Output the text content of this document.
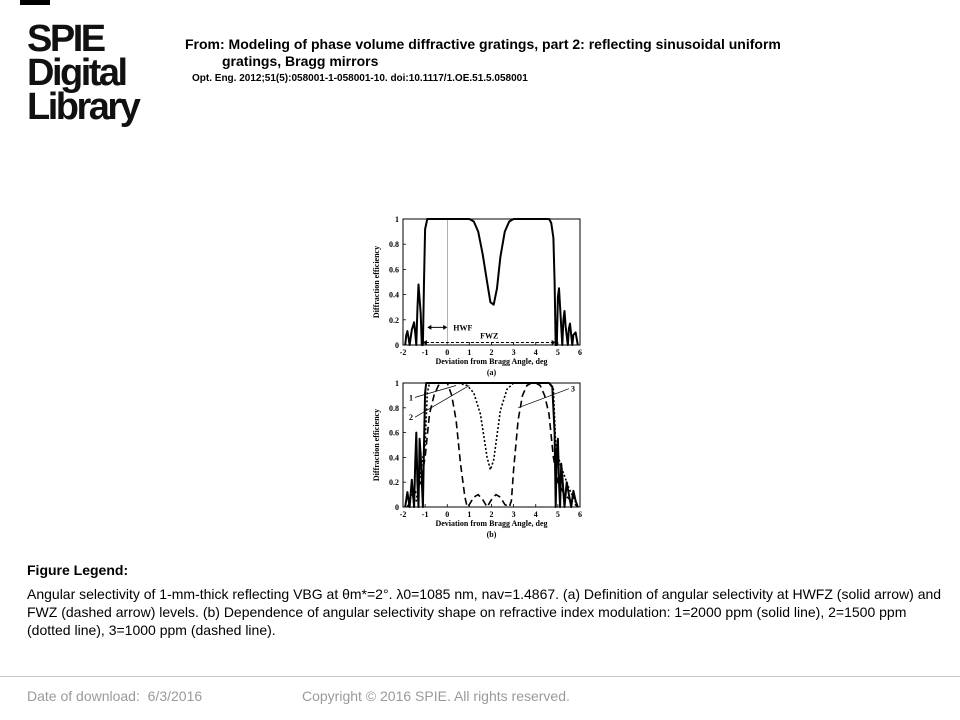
SPIE
Digital
Library
From: Modeling of phase volume diffractive gratings, part 2: reflecting sinusoidal uniform
gratings, Bragg mirrors
Opt. Eng. 2012;51(5):058001-1-058001-10. doi:10.1117/1.OE.51.5.058001
-2 -1 0 1 2 3 4 5 6
0
0.2
0.4
0.6
0.8
1
Deviation from Bragg Angle, deg
Diffraction efficiency
(a)
HWF
FWZ
-2 -1 0 1 2 3 4 5 6
0
0.2
0.4
0.6
0.8
1
Deviation from Bragg Angle, deg
Diffraction efficiency
(b)
1
2
3
Figure Legend:
Angular selectivity of 1-mm-thick reflecting VBG at θm*=2°. λ0=1085 nm, nav=1.4867. (a) Definition of angular selectivity at HWFZ (solid arrow) and FWZ (dashed arrow) levels. (b) Dependence of angular selectivity shape on refractive index modulation: 1=2000 ppm (solid line), 2=1500 ppm (dotted line), 3=1000 ppm (dashed line).
Date of download: 6/3/2016	Copyright © 2016 SPIE. All rights reserved.
